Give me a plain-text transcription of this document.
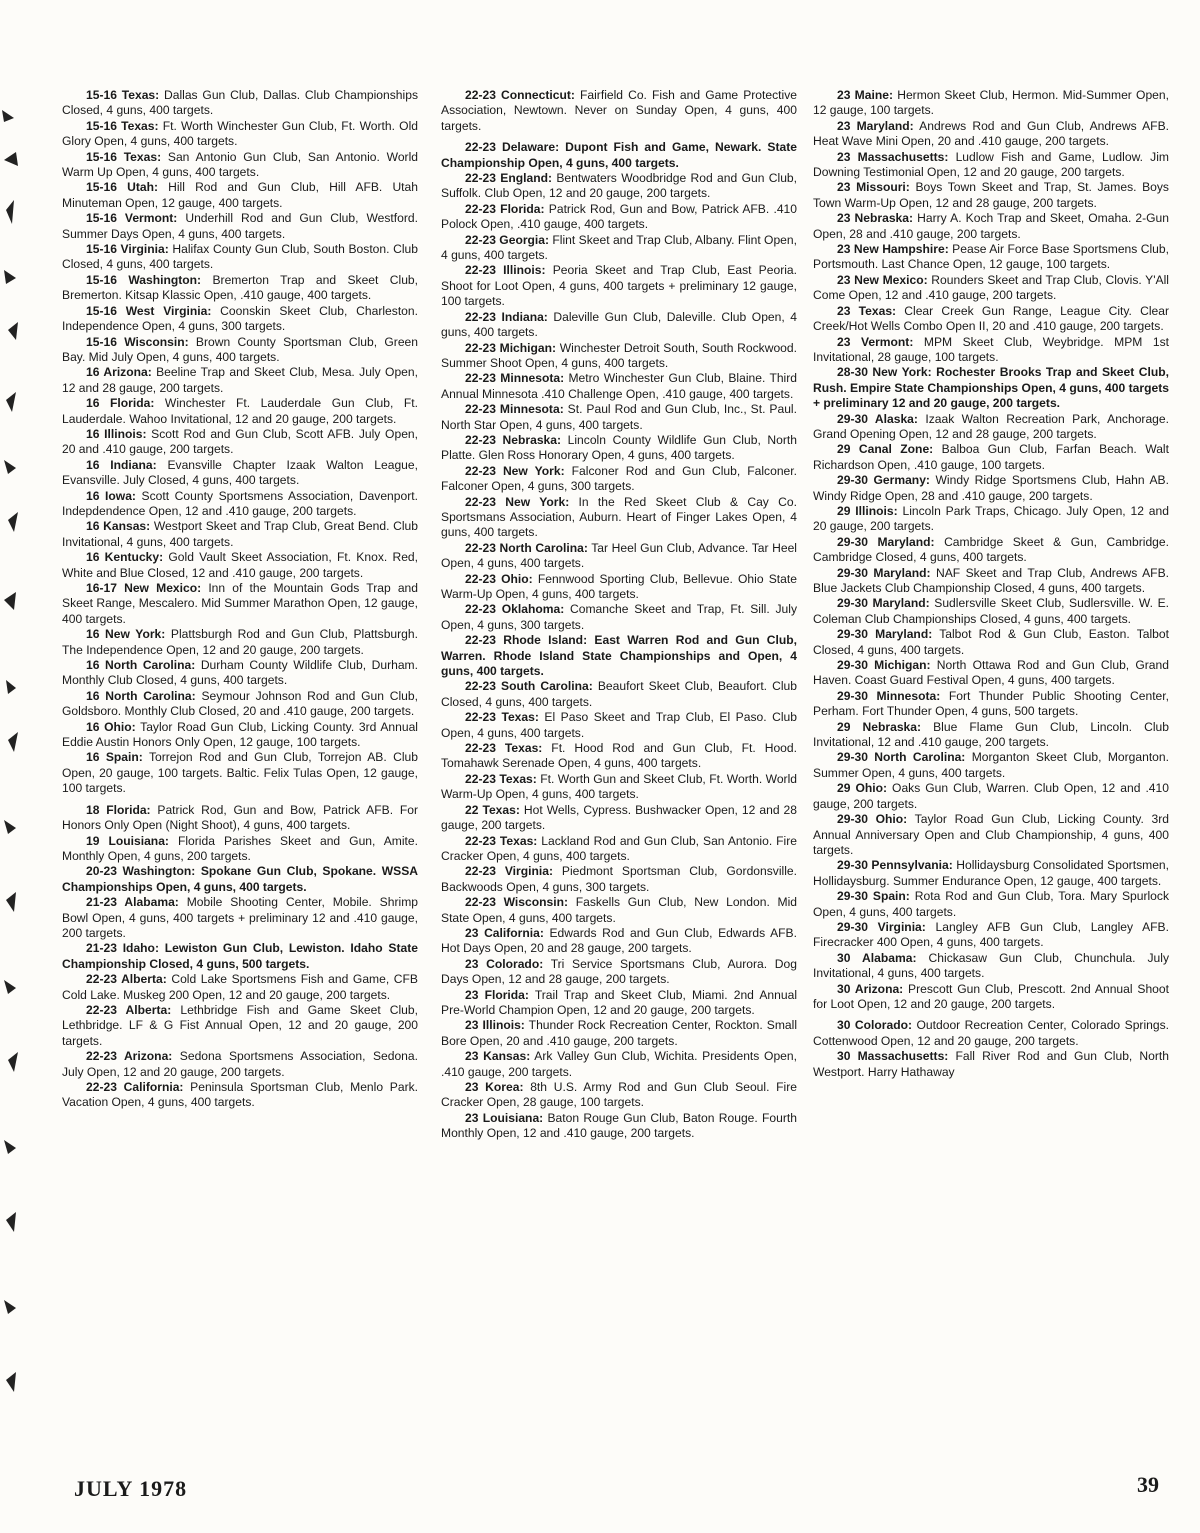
15-16 Texas: Dallas Gun Club, Dallas. Club Championships Closed, 4 guns, 400 targets.

15-16 Texas: Ft. Worth Winchester Gun Club, Ft. Worth. Old Glory Open, 4 guns, 400 targets.

15-16 Texas: San Antonio Gun Club, San Antonio. World Warm Up Open, 4 guns, 400 targets.

15-16 Utah: Hill Rod and Gun Club, Hill AFB. Utah Minuteman Open, 12 gauge, 400 targets.

15-16 Vermont: Underhill Rod and Gun Club, Westford. Summer Days Open, 4 guns, 400 targets.

15-16 Virginia: Halifax County Gun Club, South Boston. Club Closed, 4 guns, 400 targets.

15-16 Washington: Bremerton Trap and Skeet Club, Bremerton. Kitsap Klassic Open, .410 gauge, 400 targets.

15-16 West Virginia: Coonskin Skeet Club, Charleston. Independence Open, 4 guns, 300 targets.

15-16 Wisconsin: Brown County Sportsman Club, Green Bay. Mid July Open, 4 guns, 400 targets.

16 Arizona: Beeline Trap and Skeet Club, Mesa. July Open, 12 and 28 gauge, 200 targets.

16 Florida: Winchester Ft. Lauderdale Gun Club, Ft. Lauderdale. Wahoo Invitational, 12 and 20 gauge, 200 targets.

16 Illinois: Scott Rod and Gun Club, Scott AFB. July Open, 20 and .410 gauge, 200 targets.

16 Indiana: Evansville Chapter Izaak Walton League, Evansville. July Closed, 4 guns, 400 targets.

16 Iowa: Scott County Sportsmens Association, Davenport. Indepdendence Open, 12 and .410 gauge, 200 targets.

16 Kansas: Westport Skeet and Trap Club, Great Bend. Club Invitational, 4 guns, 400 targets.

16 Kentucky: Gold Vault Skeet Association, Ft. Knox. Red, White and Blue Closed, 12 and .410 gauge, 200 targets.

16-17 New Mexico: Inn of the Mountain Gods Trap and Skeet Range, Mescalero. Mid Summer Marathon Open, 12 gauge, 400 targets.

16 New York: Plattsburgh Rod and Gun Club, Plattsburgh. The Independence Open, 12 and 20 gauge, 200 targets.

16 North Carolina: Durham County Wildlife Club, Durham. Monthly Club Closed, 4 guns, 400 targets.

16 North Carolina: Seymour Johnson Rod and Gun Club, Goldsboro. Monthly Club Closed, 20 and .410 gauge, 200 targets.

16 Ohio: Taylor Road Gun Club, Licking County. 3rd Annual Eddie Austin Honors Only Open, 12 gauge, 100 targets.

16 Spain: Torrejon Rod and Gun Club, Torrejon AB. Club Open, 20 gauge, 100 targets. Baltic. Felix Tulas Open, 12 gauge, 100 targets.

18 Florida: Patrick Rod, Gun and Bow, Patrick AFB. For Honors Only Open (Night Shoot), 4 guns, 400 targets.

19 Louisiana: Florida Parishes Skeet and Gun, Amite. Monthly Open, 4 guns, 200 targets.

20-23 Washington: Spokane Gun Club, Spokane. WSSA Championships Open, 4 guns, 400 targets.

21-23 Alabama: Mobile Shooting Center, Mobile. Shrimp Bowl Open, 4 guns, 400 targets + preliminary 12 and .410 gauge, 200 targets.

21-23 Idaho: Lewiston Gun Club, Lewiston. Idaho State Championship Closed, 4 guns, 500 targets.

22-23 Alberta: Cold Lake Sportsmens Fish and Game, CFB Cold Lake. Muskeg 200 Open, 12 and 20 gauge, 200 targets.

22-23 Alberta: Lethbridge Fish and Game Skeet Club, Lethbridge. LF & G Fist Annual Open, 12 and 20 gauge, 200 targets.

22-23 Arizona: Sedona Sportsmens Association, Sedona. July Open, 12 and 20 gauge, 200 targets.

22-23 California: Peninsula Sportsman Club, Menlo Park. Vacation Open, 4 guns, 400 targets.

22-23 Connecticut: Fairfield Co. Fish and Game Protective Association, Newtown. Never on Sunday Open, 4 guns, 400 targets.

22-23 Delaware: Dupont Fish and Game, Newark. State Championship Open, 4 guns, 400 targets.

22-23 England: Bentwaters Woodbridge Rod and Gun Club, Suffolk. Club Open, 12 and 20 gauge, 200 targets.

22-23 Florida: Patrick Rod, Gun and Bow, Patrick AFB. .410 Polock Open, .410 gauge, 400 targets.

22-23 Georgia: Flint Skeet and Trap Club, Albany. Flint Open, 4 guns, 400 targets.

22-23 Illinois: Peoria Skeet and Trap Club, East Peoria. Shoot for Loot Open, 4 guns, 400 targets + preliminary 12 gauge, 100 targets.

22-23 Indiana: Daleville Gun Club, Daleville. Club Open, 4 guns, 400 targets.

22-23 Michigan: Winchester Detroit South, South Rockwood. Summer Shoot Open, 4 guns, 400 targets.

22-23 Minnesota: Metro Winchester Gun Club, Blaine. Third Annual Minnesota .410 Challenge Open, .410 gauge, 400 targets.

22-23 Minnesota: St. Paul Rod and Gun Club, Inc., St. Paul. North Star Open, 4 guns, 400 targets.

22-23 Nebraska: Lincoln County Wildlife Gun Club, North Platte. Glen Ross Honorary Open, 4 guns, 400 targets.

22-23 New York: Falconer Rod and Gun Club, Falconer. Falconer Open, 4 guns, 300 targets.

22-23 New York: In the Red Skeet Club & Cay Co. Sportsmans Association, Auburn. Heart of Finger Lakes Open, 4 guns, 400 targets.

22-23 North Carolina: Tar Heel Gun Club, Advance. Tar Heel Open, 4 guns, 400 targets.

22-23 Ohio: Fennwood Sporting Club, Bellevue. Ohio State Warm-Up Open, 4 guns, 400 targets.

22-23 Oklahoma: Comanche Skeet and Trap, Ft. Sill. July Open, 4 guns, 300 targets.

22-23 Rhode Island: East Warren Rod and Gun Club, Warren. Rhode Island State Championships and Open, 4 guns, 400 targets.

22-23 South Carolina: Beaufort Skeet Club, Beaufort. Club Closed, 4 guns, 400 targets.

22-23 Texas: El Paso Skeet and Trap Club, El Paso. Club Open, 4 guns, 400 targets.

22-23 Texas: Ft. Hood Rod and Gun Club, Ft. Hood. Tomahawk Serenade Open, 4 guns, 400 targets.

22-23 Texas: Ft. Worth Gun and Skeet Club, Ft. Worth. World Warm-Up Open, 4 guns, 400 targets.

22 Texas: Hot Wells, Cypress. Bushwacker Open, 12 and 28 gauge, 200 targets.

22-23 Texas: Lackland Rod and Gun Club, San Antonio. Fire Cracker Open, 4 guns, 400 targets.

22-23 Virginia: Piedmont Sportsman Club, Gordonsville. Backwoods Open, 4 guns, 300 targets.

22-23 Wisconsin: Faskells Gun Club, New London. Mid State Open, 4 guns, 400 targets.

23 California: Edwards Rod and Gun Club, Edwards AFB. Hot Days Open, 20 and 28 gauge, 200 targets.

23 Colorado: Tri Service Sportsmans Club, Aurora. Dog Days Open, 12 and 28 gauge, 200 targets.

23 Florida: Trail Trap and Skeet Club, Miami. 2nd Annual Pre-World Champion Open, 12 and 20 gauge, 200 targets.

23 Illinois: Thunder Rock Recreation Center, Rockton. Small Bore Open, 20 and .410 gauge, 200 targets.

23 Kansas: Ark Valley Gun Club, Wichita. Presidents Open, .410 gauge, 200 targets.

23 Korea: 8th U.S. Army Rod and Gun Club Seoul. Fire Cracker Open, 28 gauge, 100 targets.

23 Louisiana: Baton Rouge Gun Club, Baton Rouge. Fourth Monthly Open, 12 and .410 gauge, 200 targets.

23 Maine: Hermon Skeet Club, Hermon. Mid-Summer Open, 12 gauge, 100 targets.

23 Maryland: Andrews Rod and Gun Club, Andrews AFB. Heat Wave Mini Open, 20 and .410 gauge, 200 targets.

23 Massachusetts: Ludlow Fish and Game, Ludlow. Jim Downing Testimonial Open, 12 and 20 gauge, 200 targets.

23 Missouri: Boys Town Skeet and Trap, St. James. Boys Town Warm-Up Open, 12 and 28 gauge, 200 targets.

23 Nebraska: Harry A. Koch Trap and Skeet, Omaha. 2-Gun Open, 28 and .410 gauge, 200 targets.

23 New Hampshire: Pease Air Force Base Sportsmens Club, Portsmouth. Last Chance Open, 12 gauge, 100 targets.

23 New Mexico: Rounders Skeet and Trap Club, Clovis. Y'All Come Open, 12 and .410 gauge, 200 targets.

23 Texas: Clear Creek Gun Range, League City. Clear Creek/Hot Wells Combo Open II, 20 and .410 gauge, 200 targets.

23 Vermont: MPM Skeet Club, Weybridge. MPM 1st Invitational, 28 gauge, 100 targets.

28-30 New York: Rochester Brooks Trap and Skeet Club, Rush. Empire State Championships Open, 4 guns, 400 targets + preliminary 12 and 20 gauge, 200 targets.

29-30 Alaska: Izaak Walton Recreation Park, Anchorage. Grand Opening Open, 12 and 28 gauge, 200 targets.

29 Canal Zone: Balboa Gun Club, Farfan Beach. Walt Richardson Open, .410 gauge, 100 targets.

29-30 Germany: Windy Ridge Sportsmens Club, Hahn AB. Windy Ridge Open, 28 and .410 gauge, 200 targets.

29 Illinois: Lincoln Park Traps, Chicago. July Open, 12 and 20 gauge, 200 targets.

29-30 Maryland: Cambridge Skeet & Gun, Cambridge. Cambridge Closed, 4 guns, 400 targets.

29-30 Maryland: NAF Skeet and Trap Club, Andrews AFB. Blue Jackets Club Championship Closed, 4 guns, 400 targets.

29-30 Maryland: Sudlersville Skeet Club, Sudlersville. W. E. Coleman Club Championships Closed, 4 guns, 400 targets.

29-30 Maryland: Talbot Rod & Gun Club, Easton. Talbot Closed, 4 guns, 400 targets.

29-30 Michigan: North Ottawa Rod and Gun Club, Grand Haven. Coast Guard Festival Open, 4 guns, 400 targets.

29-30 Minnesota: Fort Thunder Public Shooting Center, Perham. Fort Thunder Open, 4 guns, 500 targets.

29 Nebraska: Blue Flame Gun Club, Lincoln. Club Invitational, 12 and .410 gauge, 200 targets.

29-30 North Carolina: Morganton Skeet Club, Morganton. Summer Open, 4 guns, 400 targets.

29 Ohio: Oaks Gun Club, Warren. Club Open, 12 and .410 gauge, 200 targets.

29-30 Ohio: Taylor Road Gun Club, Licking County. 3rd Annual Anniversary Open and Club Championship, 4 guns, 400 targets.

29-30 Pennsylvania: Hollidaysburg Consolidated Sportsmen, Hollidaysburg. Summer Endurance Open, 12 gauge, 400 targets.

29-30 Spain: Rota Rod and Gun Club, Tora. Mary Spurlock Open, 4 guns, 400 targets.

29-30 Virginia: Langley AFB Gun Club, Langley AFB. Firecracker 400 Open, 4 guns, 400 targets.

30 Alabama: Chickasaw Gun Club, Chunchula. July Invitational, 4 guns, 400 targets.

30 Arizona: Prescott Gun Club, Prescott. 2nd Annual Shoot for Loot Open, 12 and 20 gauge, 200 targets.

30 Colorado: Outdoor Recreation Center, Colorado Springs. Cottenwood Open, 12 and 20 gauge, 200 targets.

30 Massachusetts: Fall River Rod and Gun Club, North Westport. Harry Hathaway

JULY 1978	39
